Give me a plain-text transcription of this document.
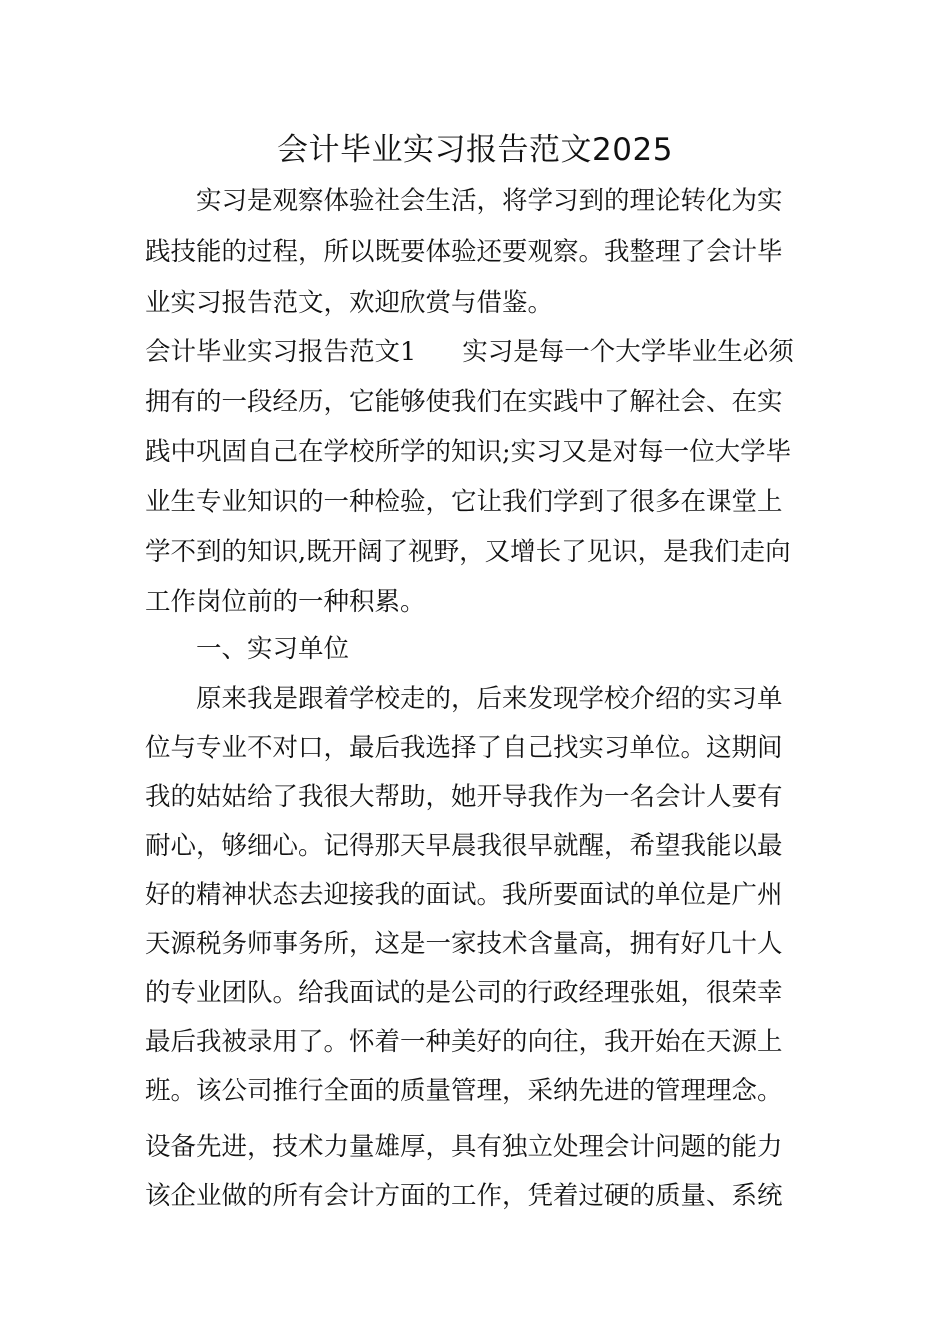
会计毕业实习报告范文2025
实习是观察体验社会生活，将学习到的理论转化为实
践技能的过程，所以既要体验还要观察。我整理了会计毕
业实习报告范文，欢迎欣赏与借鉴。
会计毕业实习报告范文1 实习是每一个大学毕业生必须
拥有的一段经历，它能够使我们在实践中了解社会、在实
践中巩固自己在学校所学的知识;实习又是对每一位大学毕
业生专业知识的一种检验，它让我们学到了很多在课堂上
学不到的知识,既开阔了视野，又增长了见识，是我们走向
工作岗位前的一种积累。
一、实习单位
原来我是跟着学校走的，后来发现学校介绍的实习单
位与专业不对口，最后我选择了自己找实习单位。这期间
我的姑姑给了我很大帮助，她开导我作为一名会计人要有
耐心，够细心。记得那天早晨我很早就醒，希望我能以最
好的精神状态去迎接我的面试。我所要面试的单位是广州
天源税务师事务所，这是一家技术含量高，拥有好几十人
的专业团队。给我面试的是公司的行政经理张姐，很荣幸
最后我被录用了。怀着一种美好的向往，我开始在天源上
班。该公司推行全面的质量管理，采纳先进的管理理念。
设备先进，技术力量雄厚，具有独立处理会计问题的能力
该企业做的所有会计方面的工作，凭着过硬的质量、系统
